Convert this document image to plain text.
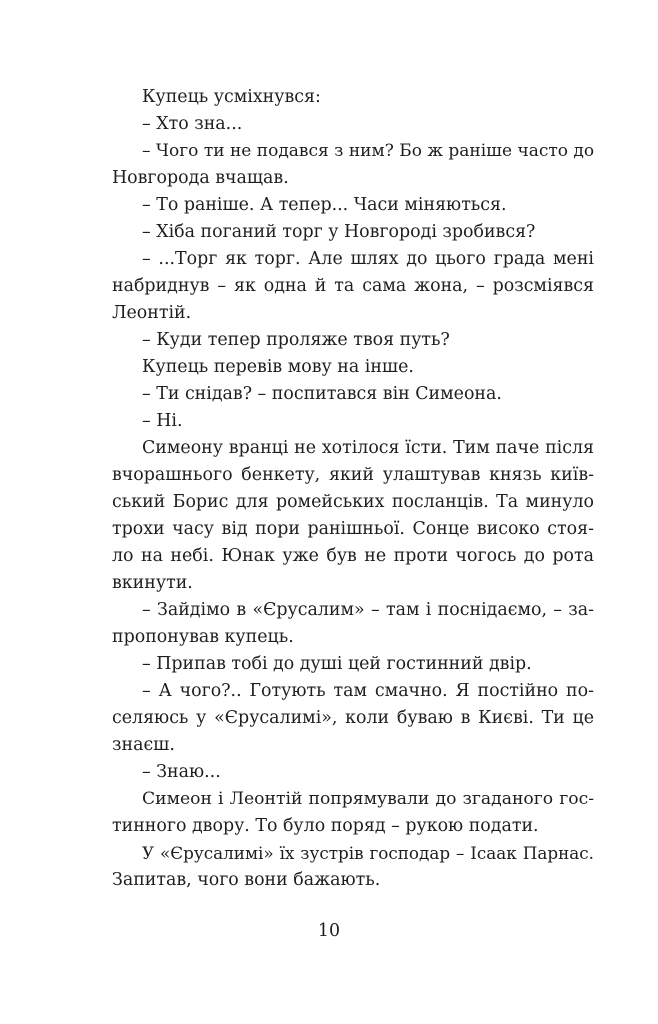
Купець усміхнувся:
– Хто зна...
– Чого ти не подався з ним? Бо ж раніше часто до
Новгорода вчащав.
– То раніше. А тепер... Часи міняються.
– Хіба поганий торг у Новгороді зробився?
– ...Торг як торг. Але шлях до цього града мені
набриднув – як одна й та сама жона, – розсміявся
Леонтій.
– Куди тепер проляже твоя путь?
Купець перевів мову на інше.
– Ти снідав? – поспитався він Симеона.
– Ні.
Симеону вранці не хотілося їсти. Тим паче після
вчорашнього бенкету, який улаштував князь київ-
ський Борис для ромейських посланців. Та минуло
трохи часу від пори ранішньої. Сонце високо стоя-
ло на небі. Юнак уже був не проти чогось до рота
вкинути.
– Зайдімо в «Єрусалим» – там і поснідаємо, – за-
пропонував купець.
– Припав тобі до душі цей гостинний двір.
– А чого?.. Готують там смачно. Я постійно по-
селяюсь у «Єрусалимі», коли буваю в Києві. Ти це
знаєш.
– Знаю...
Симеон і Леонтій попрямували до згаданого гос-
тинного двору. То було поряд – рукою подати.
У «Єрусалимі» їх зустрів господар – Ісаак Парнас.
Запитав, чого вони бажають.
10
